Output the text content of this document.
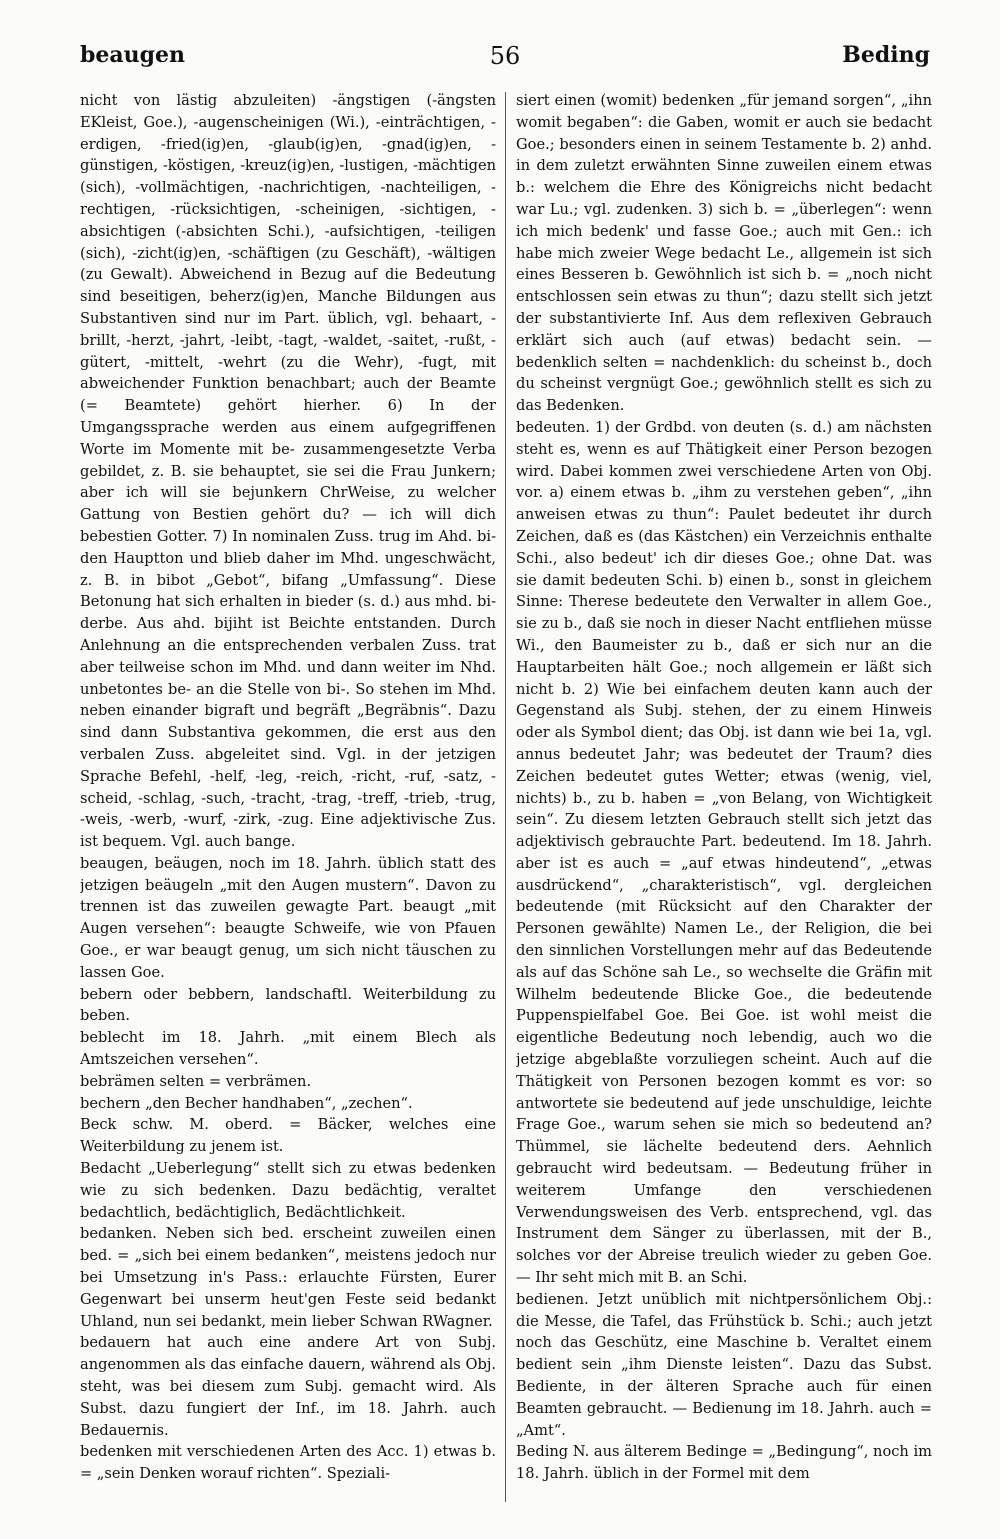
beaugen	56	Beding

nicht von lästig abzuleiten) -ängstigen (-ängsten EKleist, Goe.), -augenscheinigen (Wi.), -einträchtigen, -erdigen, -fried(ig)en, -glaub(ig)en, -gnad(ig)en, -günstigen, -köstigen, -kreuz(ig)en, -lustigen, -mächtigen (sich), -vollmächtigen, -nachrichtigen, -nachteiligen, -rechtigen, -rücksichtigen, -scheinigen, -sichtigen, -absichtigen (-absichten Schi.), -aufsichtigen, -teiligen (sich), -zicht(ig)en, -schäftigen (zu Geschäft), -wältigen (zu Gewalt). Abweichend in Bezug auf die Bedeutung sind beseitigen, beherz(ig)en, Manche Bildungen aus Substantiven sind nur im Part. üblich, vgl. behaart, -brillt, -herzt, -jahrt, -leibt, -tagt, -waldet, -saitet, -rußt, -gütert, -mittelt, -wehrt (zu die Wehr), -fugt, mit abweichender Funktion benachbart; auch der Beamte (= Beamtete) gehört hierher. 6) In der Umgangssprache werden aus einem aufgegriffenen Worte im Momente mit be- zusammengesetzte Verba gebildet, z. B. sie behauptet, sie sei die Frau Junkern; aber ich will sie bejunkern ChrWeise, zu welcher Gattung von Bestien gehört du? — ich will dich bebestien Gotter. 7) In nominalen Zuss. trug im Ahd. bi- den Hauptton und blieb daher im Mhd. ungeschwächt, z. B. in bibot „Gebot“, bifang „Umfassung“. Diese Betonung hat sich erhalten in bieder (s. d.) aus mhd. bi-derbe. Aus ahd. bijiht ist Beichte entstanden. Durch Anlehnung an die entsprechenden verbalen Zuss. trat aber teilweise schon im Mhd. und dann weiter im Nhd. unbetontes be- an die Stelle von bi-. So stehen im Mhd. neben einander bigraft und begräft „Begräbnis“. Dazu sind dann Substantiva gekommen, die erst aus den verbalen Zuss. abgeleitet sind. Vgl. in der jetzigen Sprache Befehl, -helf, -leg, -reich, -richt, -ruf, -satz, -scheid, -schlag, -such, -tracht, -trag, -treff, -trieb, -trug, -weis, -werb, -wurf, -zirk, -zug. Eine adjektivische Zus. ist bequem. Vgl. auch bange.

beaugen, beäugen, noch im 18. Jahrh. üblich statt des jetzigen beäugeln „mit den Augen mustern“. Davon zu trennen ist das zuweilen gewagte Part. beaugt „mit Augen versehen“: beaugte Schweife, wie von Pfauen Goe., er war beaugt genug, um sich nicht täuschen zu lassen Goe.

bebern oder bebbern, landschaftl. Weiterbildung zu beben.

beblecht im 18. Jahrh. „mit einem Blech als Amtszeichen versehen“.

bebrämen selten = verbrämen.

bechern „den Becher handhaben“, „zechen“.

Beck schw. M. oberd. = Bäcker, welches eine Weiterbildung zu jenem ist.

Bedacht „Ueberlegung“ stellt sich zu etwas bedenken wie zu sich bedenken. Dazu bedächtig, veraltet bedachtlich, bedächtiglich, Bedächtlichkeit.

bedanken. Neben sich bed. erscheint zuweilen einen bed. = „sich bei einem bedanken“, meistens jedoch nur bei Umsetzung in's Pass.: erlauchte Fürsten, Eurer Gegenwart bei unserm heut'gen Feste seid bedankt Uhland, nun sei bedankt, mein lieber Schwan RWagner.

bedauern hat auch eine andere Art von Subj. angenommen als das einfache dauern, während als Obj. steht, was bei diesem zum Subj. gemacht wird. Als Subst. dazu fungiert der Inf., im 18. Jahrh. auch Bedauernis.

bedenken mit verschiedenen Arten des Acc. 1) etwas b. = „sein Denken worauf richten“. Speziali-

siert einen (womit) bedenken „für jemand sorgen“, „ihn womit begaben“: die Gaben, womit er auch sie bedacht Goe.; besonders einen in seinem Testamente b. 2) anhd. in dem zuletzt erwähnten Sinne zuweilen einem etwas b.: welchem die Ehre des Königreichs nicht bedacht war Lu.; vgl. zudenken. 3) sich b. = „überlegen“: wenn ich mich bedenk' und fasse Goe.; auch mit Gen.: ich habe mich zweier Wege bedacht Le., allgemein ist sich eines Besseren b. Gewöhnlich ist sich b. = „noch nicht entschlossen sein etwas zu thun“; dazu stellt sich jetzt der substantivierte Inf. Aus dem reflexiven Gebrauch erklärt sich auch (auf etwas) bedacht sein. — bedenklich selten = nachdenklich: du scheinst b., doch du scheinst vergnügt Goe.; gewöhnlich stellt es sich zu das Bedenken.

bedeuten. 1) der Grdbd. von deuten (s. d.) am nächsten steht es, wenn es auf Thätigkeit einer Person bezogen wird. Dabei kommen zwei verschiedene Arten von Obj. vor. a) einem etwas b. „ihm zu verstehen geben“, „ihn anweisen etwas zu thun“: Paulet bedeutet ihr durch Zeichen, daß es (das Kästchen) ein Verzeichnis enthalte Schi., also bedeut' ich dir dieses Goe.; ohne Dat. was sie damit bedeuten Schi. b) einen b., sonst in gleichem Sinne: Therese bedeutete den Verwalter in allem Goe., sie zu b., daß sie noch in dieser Nacht entfliehen müsse Wi., den Baumeister zu b., daß er sich nur an die Hauptarbeiten hält Goe.; noch allgemein er läßt sich nicht b. 2) Wie bei einfachem deuten kann auch der Gegenstand als Subj. stehen, der zu einem Hinweis oder als Symbol dient; das Obj. ist dann wie bei 1a, vgl. annus bedeutet Jahr; was bedeutet der Traum? dies Zeichen bedeutet gutes Wetter; etwas (wenig, viel, nichts) b., zu b. haben = „von Belang, von Wichtigkeit sein“. Zu diesem letzten Gebrauch stellt sich jetzt das adjektivisch gebrauchte Part. bedeutend. Im 18. Jahrh. aber ist es auch = „auf etwas hindeutend“, „etwas ausdrückend“, „charakteristisch“, vgl. dergleichen bedeutende (mit Rücksicht auf den Charakter der Personen gewählte) Namen Le., der Religion, die bei den sinnlichen Vorstellungen mehr auf das Bedeutende als auf das Schöne sah Le., so wechselte die Gräfin mit Wilhelm bedeutende Blicke Goe., die bedeutende Puppenspielfabel Goe. Bei Goe. ist wohl meist die eigentliche Bedeutung noch lebendig, auch wo die jetzige abgeblaßte vorzuliegen scheint. Auch auf die Thätigkeit von Personen bezogen kommt es vor: so antwortete sie bedeutend auf jede unschuldige, leichte Frage Goe., warum sehen sie mich so bedeutend an? Thümmel, sie lächelte bedeutend ders. Aehnlich gebraucht wird bedeutsam. — Bedeutung früher in weiterem Umfange den verschiedenen Verwendungsweisen des Verb. entsprechend, vgl. das Instrument dem Sänger zu überlassen, mit der B., solches vor der Abreise treulich wieder zu geben Goe. — Ihr seht mich mit B. an Schi.

bedienen. Jetzt unüblich mit nichtpersönlichem Obj.: die Messe, die Tafel, das Frühstück b. Schi.; auch jetzt noch das Geschütz, eine Maschine b. Veraltet einem bedient sein „ihm Dienste leisten“. Dazu das Subst. Bediente, in der älteren Sprache auch für einen Beamten gebraucht. — Bedienung im 18. Jahrh. auch = „Amt“.

Beding N. aus älterem Bedinge = „Bedingung“, noch im 18. Jahrh. üblich in der Formel mit dem
